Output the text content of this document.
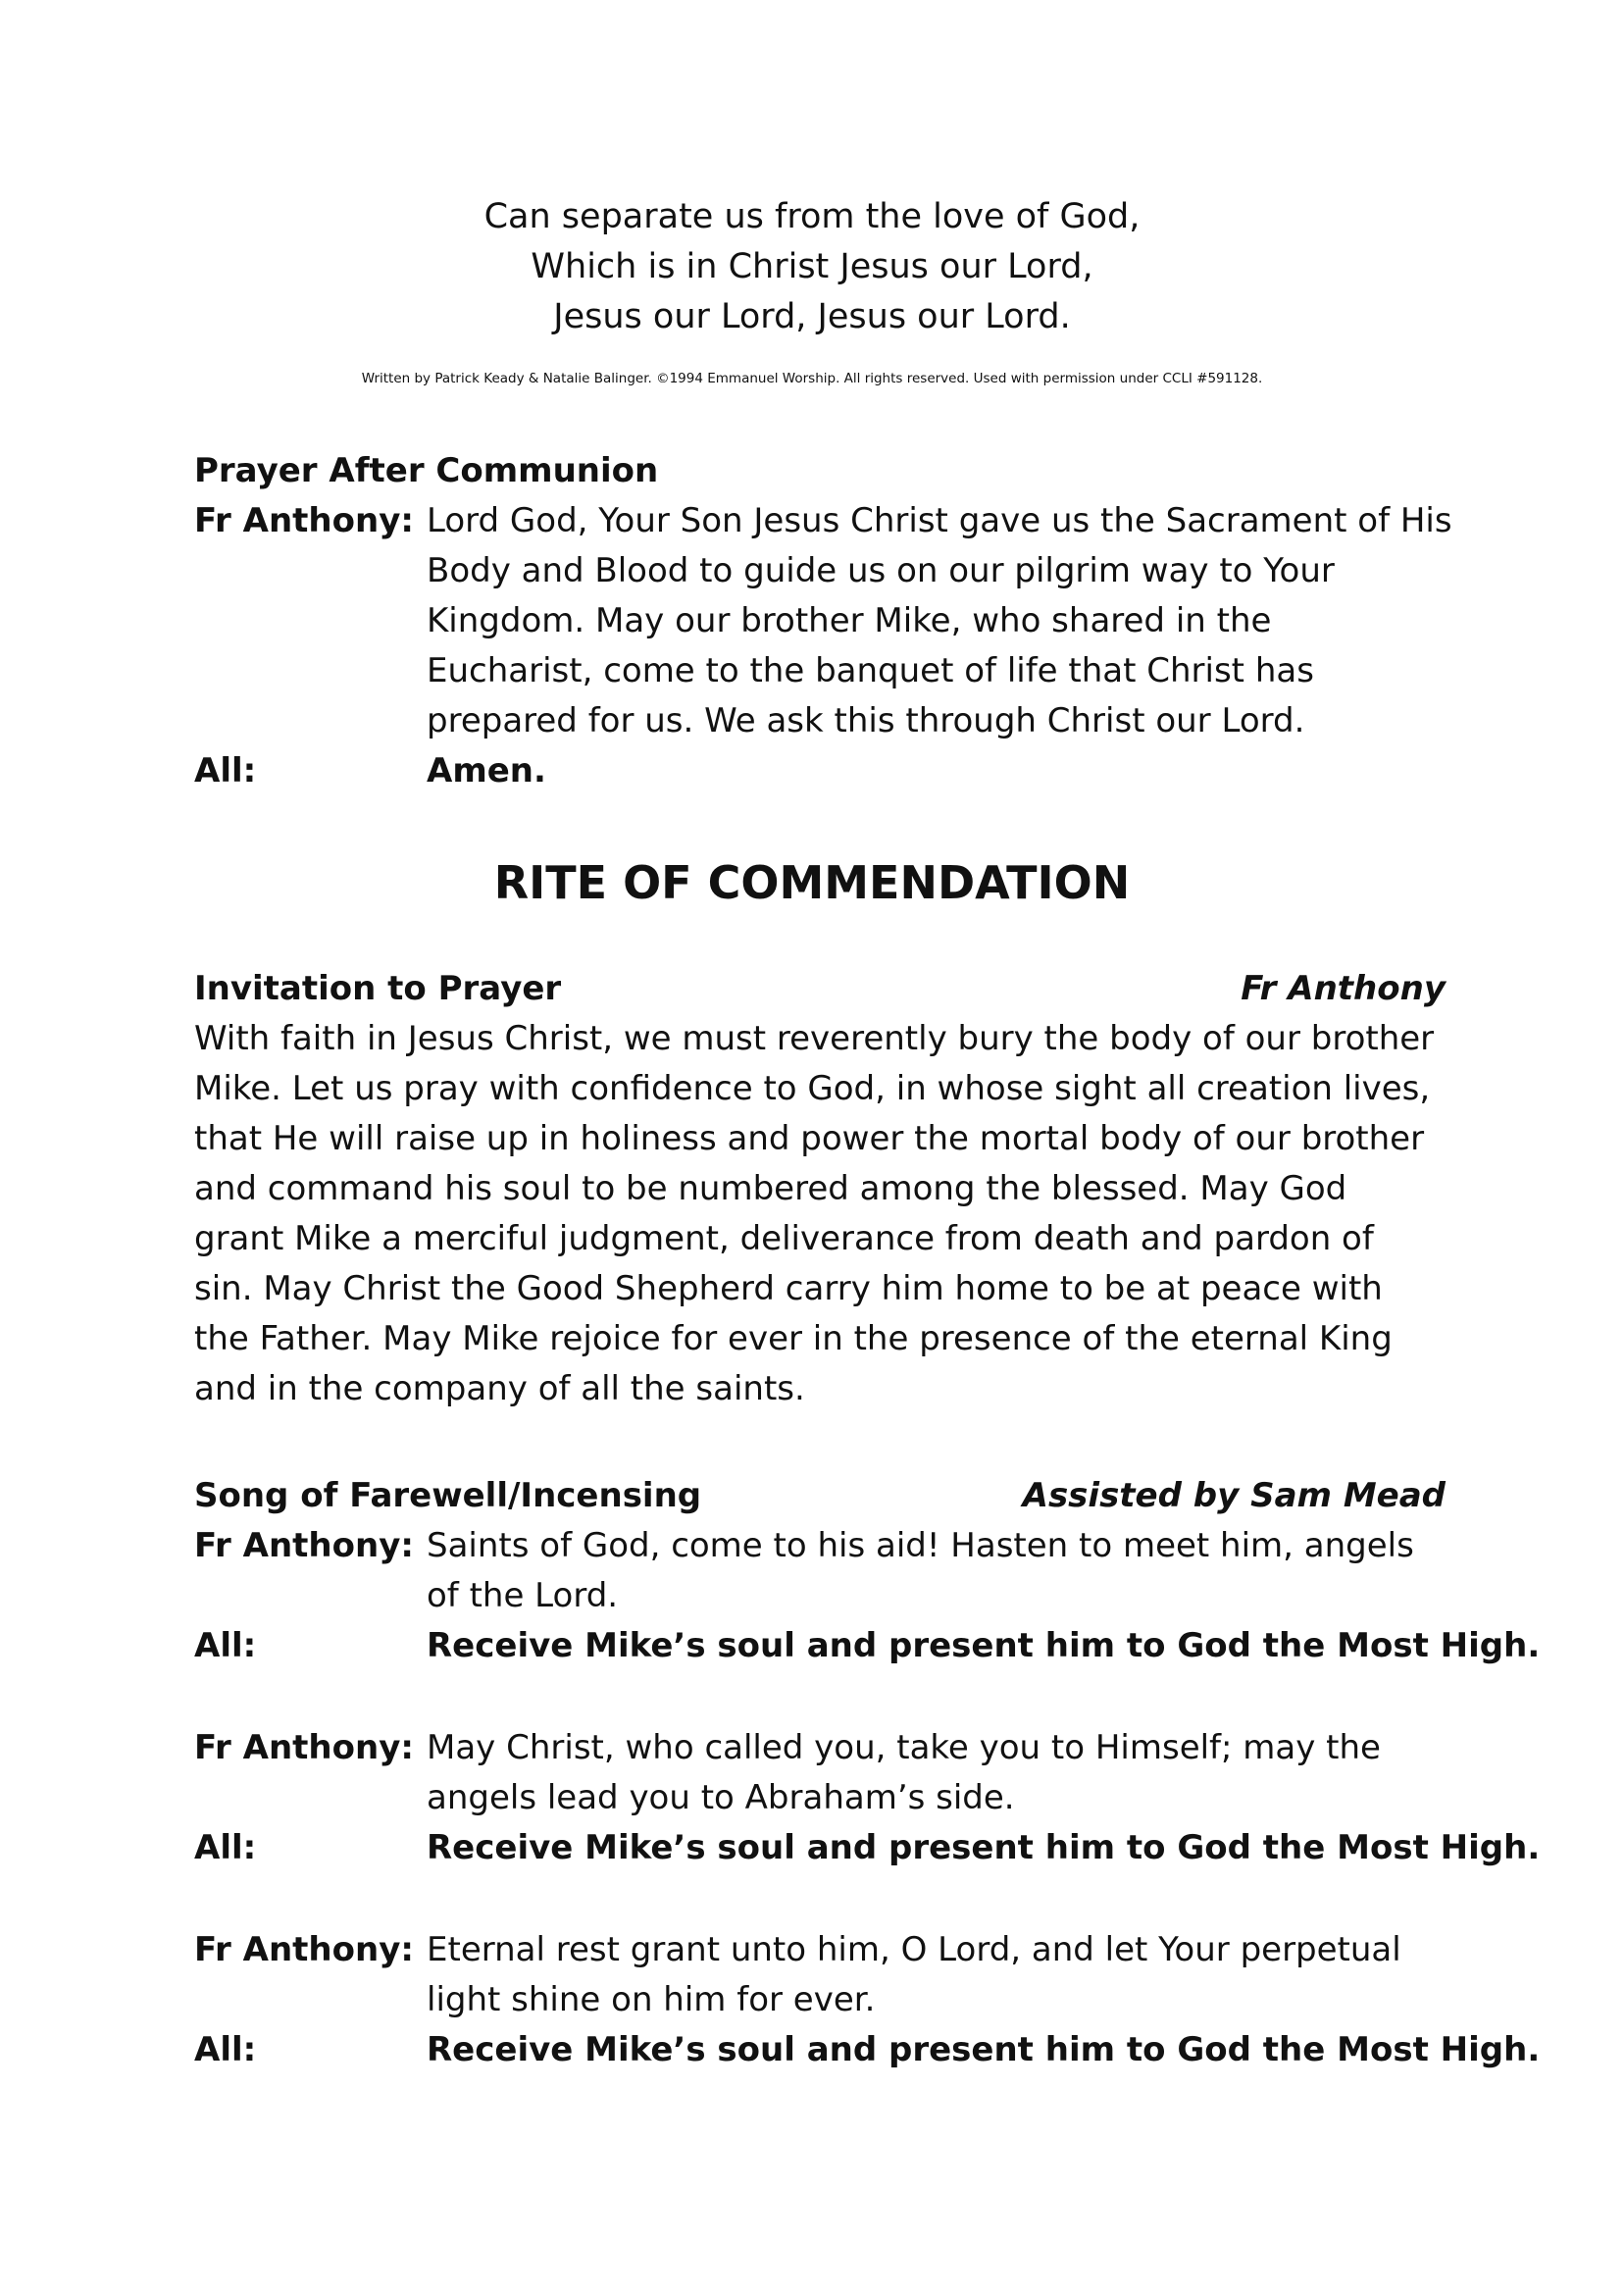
Can separate us from the love of God,
Which is in Christ Jesus our Lord,
Jesus our Lord, Jesus our Lord.
Written by Patrick Keady & Natalie Balinger. ©1994 Emmanuel Worship. All rights reserved. Used with permission under CCLI #591128.
Prayer After Communion
Fr Anthony: Lord God, Your Son Jesus Christ gave us the Sacrament of His
Body and Blood to guide us on our pilgrim way to Your
Kingdom. May our brother Mike, who shared in the
Eucharist, come to the banquet of life that Christ has
prepared for us. We ask this through Christ our Lord.
All:	Amen.
RITE OF COMMENDATION
Invitation to Prayer	Fr Anthony
With faith in Jesus Christ, we must reverently bury the body of our brother
Mike. Let us pray with confidence to God, in whose sight all creation lives,
that He will raise up in holiness and power the mortal body of our brother
and command his soul to be numbered among the blessed. May God
grant Mike a merciful judgment, deliverance from death and pardon of
sin. May Christ the Good Shepherd carry him home to be at peace with
the Father. May Mike rejoice for ever in the presence of the eternal King
and in the company of all the saints.
Song of Farewell/Incensing	Assisted by Sam Mead
Fr Anthony: Saints of God, come to his aid! Hasten to meet him, angels
of the Lord.
All:	Receive Mike’s soul and present him to God the Most High.
Fr Anthony: May Christ, who called you, take you to Himself; may the
angels lead you to Abraham’s side.
All:	Receive Mike’s soul and present him to God the Most High.
Fr Anthony: Eternal rest grant unto him, O Lord, and let Your perpetual
light shine on him for ever.
All:	Receive Mike’s soul and present him to God the Most High.
